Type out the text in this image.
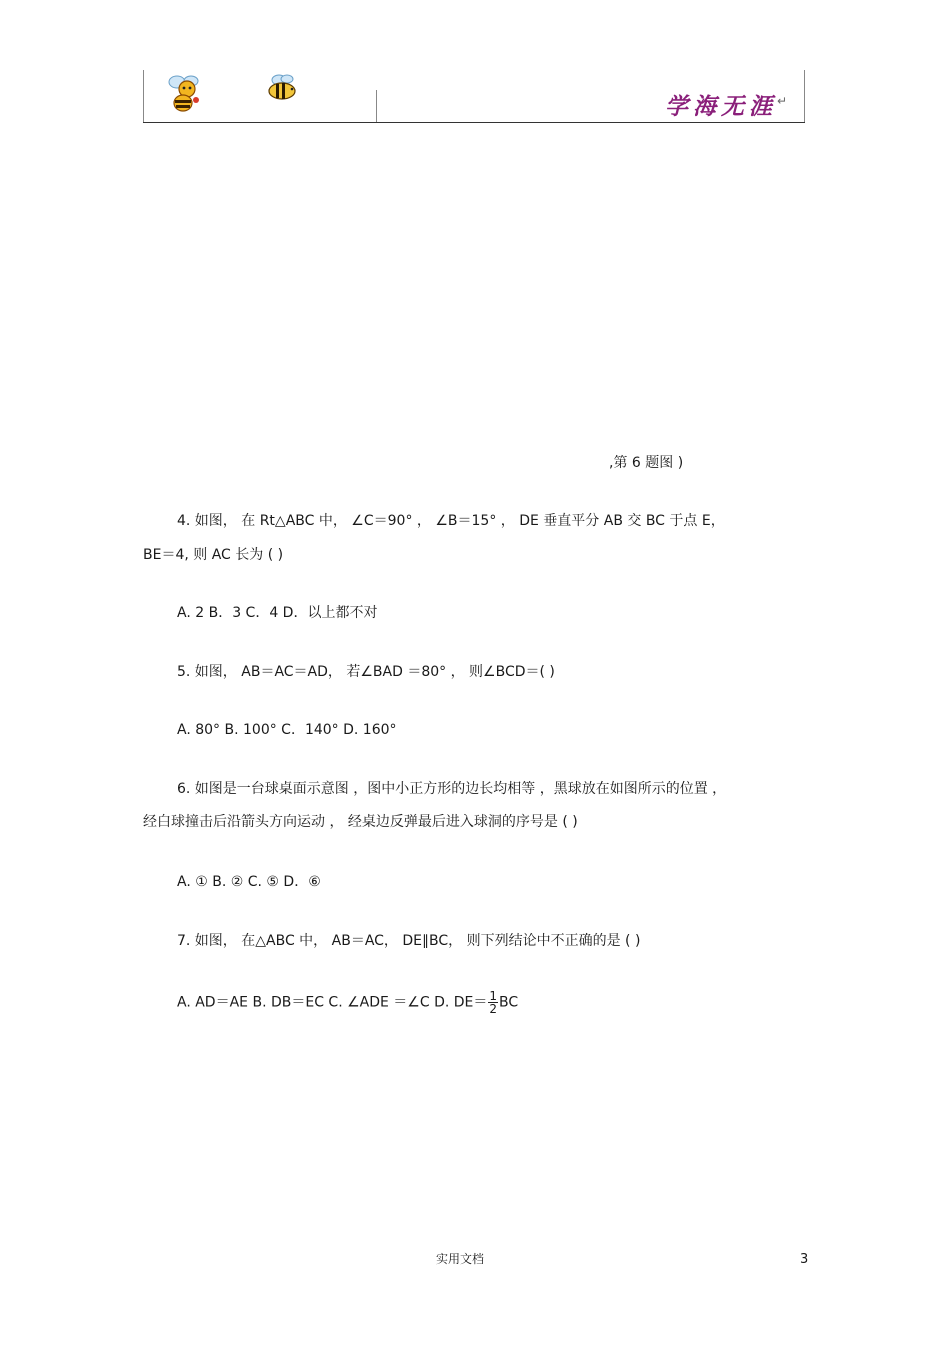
学海无涯 ↵
,第 6 题图 )
4. 如图， 在 Rt△ABC 中， ∠C＝90° ， ∠B＝15° ， DE 垂直平分 AB 交 BC 于点 E，
BE＝4, 则 AC 长为 ( )
A. 2 B．3 C．4 D．以上都不对
5. 如图， AB＝AC＝AD， 若∠BAD ＝80° ， 则∠BCD＝( )
A. 80° B. 100° C．140° D. 160°
6. 如图是一台球桌面示意图 ，图中小正方形的边长均相等 ，黑球放在如图所示的位置 ，
经白球撞击后沿箭头方向运动 ， 经桌边反弹最后进入球洞的序号是 ( )
A. ① B. ② C. ⑤ D．⑥
7. 如图， 在△ABC 中， AB＝AC， DE∥BC， 则下列结论中不正确的是 ( )
A. AD＝AE B. DB＝EC C. ∠ADE ＝∠C D. $DE= \frac{1}{2}$ BC
实用文档	3
